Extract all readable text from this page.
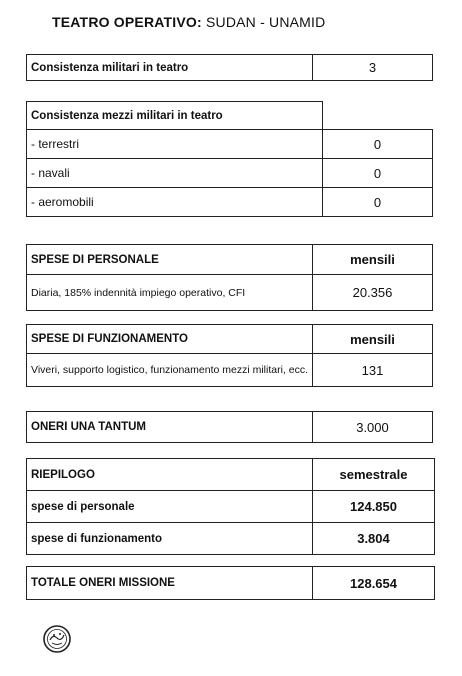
TEATRO OPERATIVO: SUDAN - UNAMID
Consistenza militari in teatro	3
Consistenza mezzi militari in teatro	
- terrestri	0
- navali	0
- aeromobili	0
SPESE DI PERSONALE	mensili
Diaria, 185% indennità impiego operativo, CFI	20.356
SPESE DI FUNZIONAMENTO	mensili
Viveri, supporto logistico, funzionamento mezzi militari, ecc.	131
ONERI UNA TANTUM	3.000
RIEPILOGO	semestrale
spese di personale	124.850
spese di funzionamento	3.804
TOTALE ONERI MISSIONE	128.654
